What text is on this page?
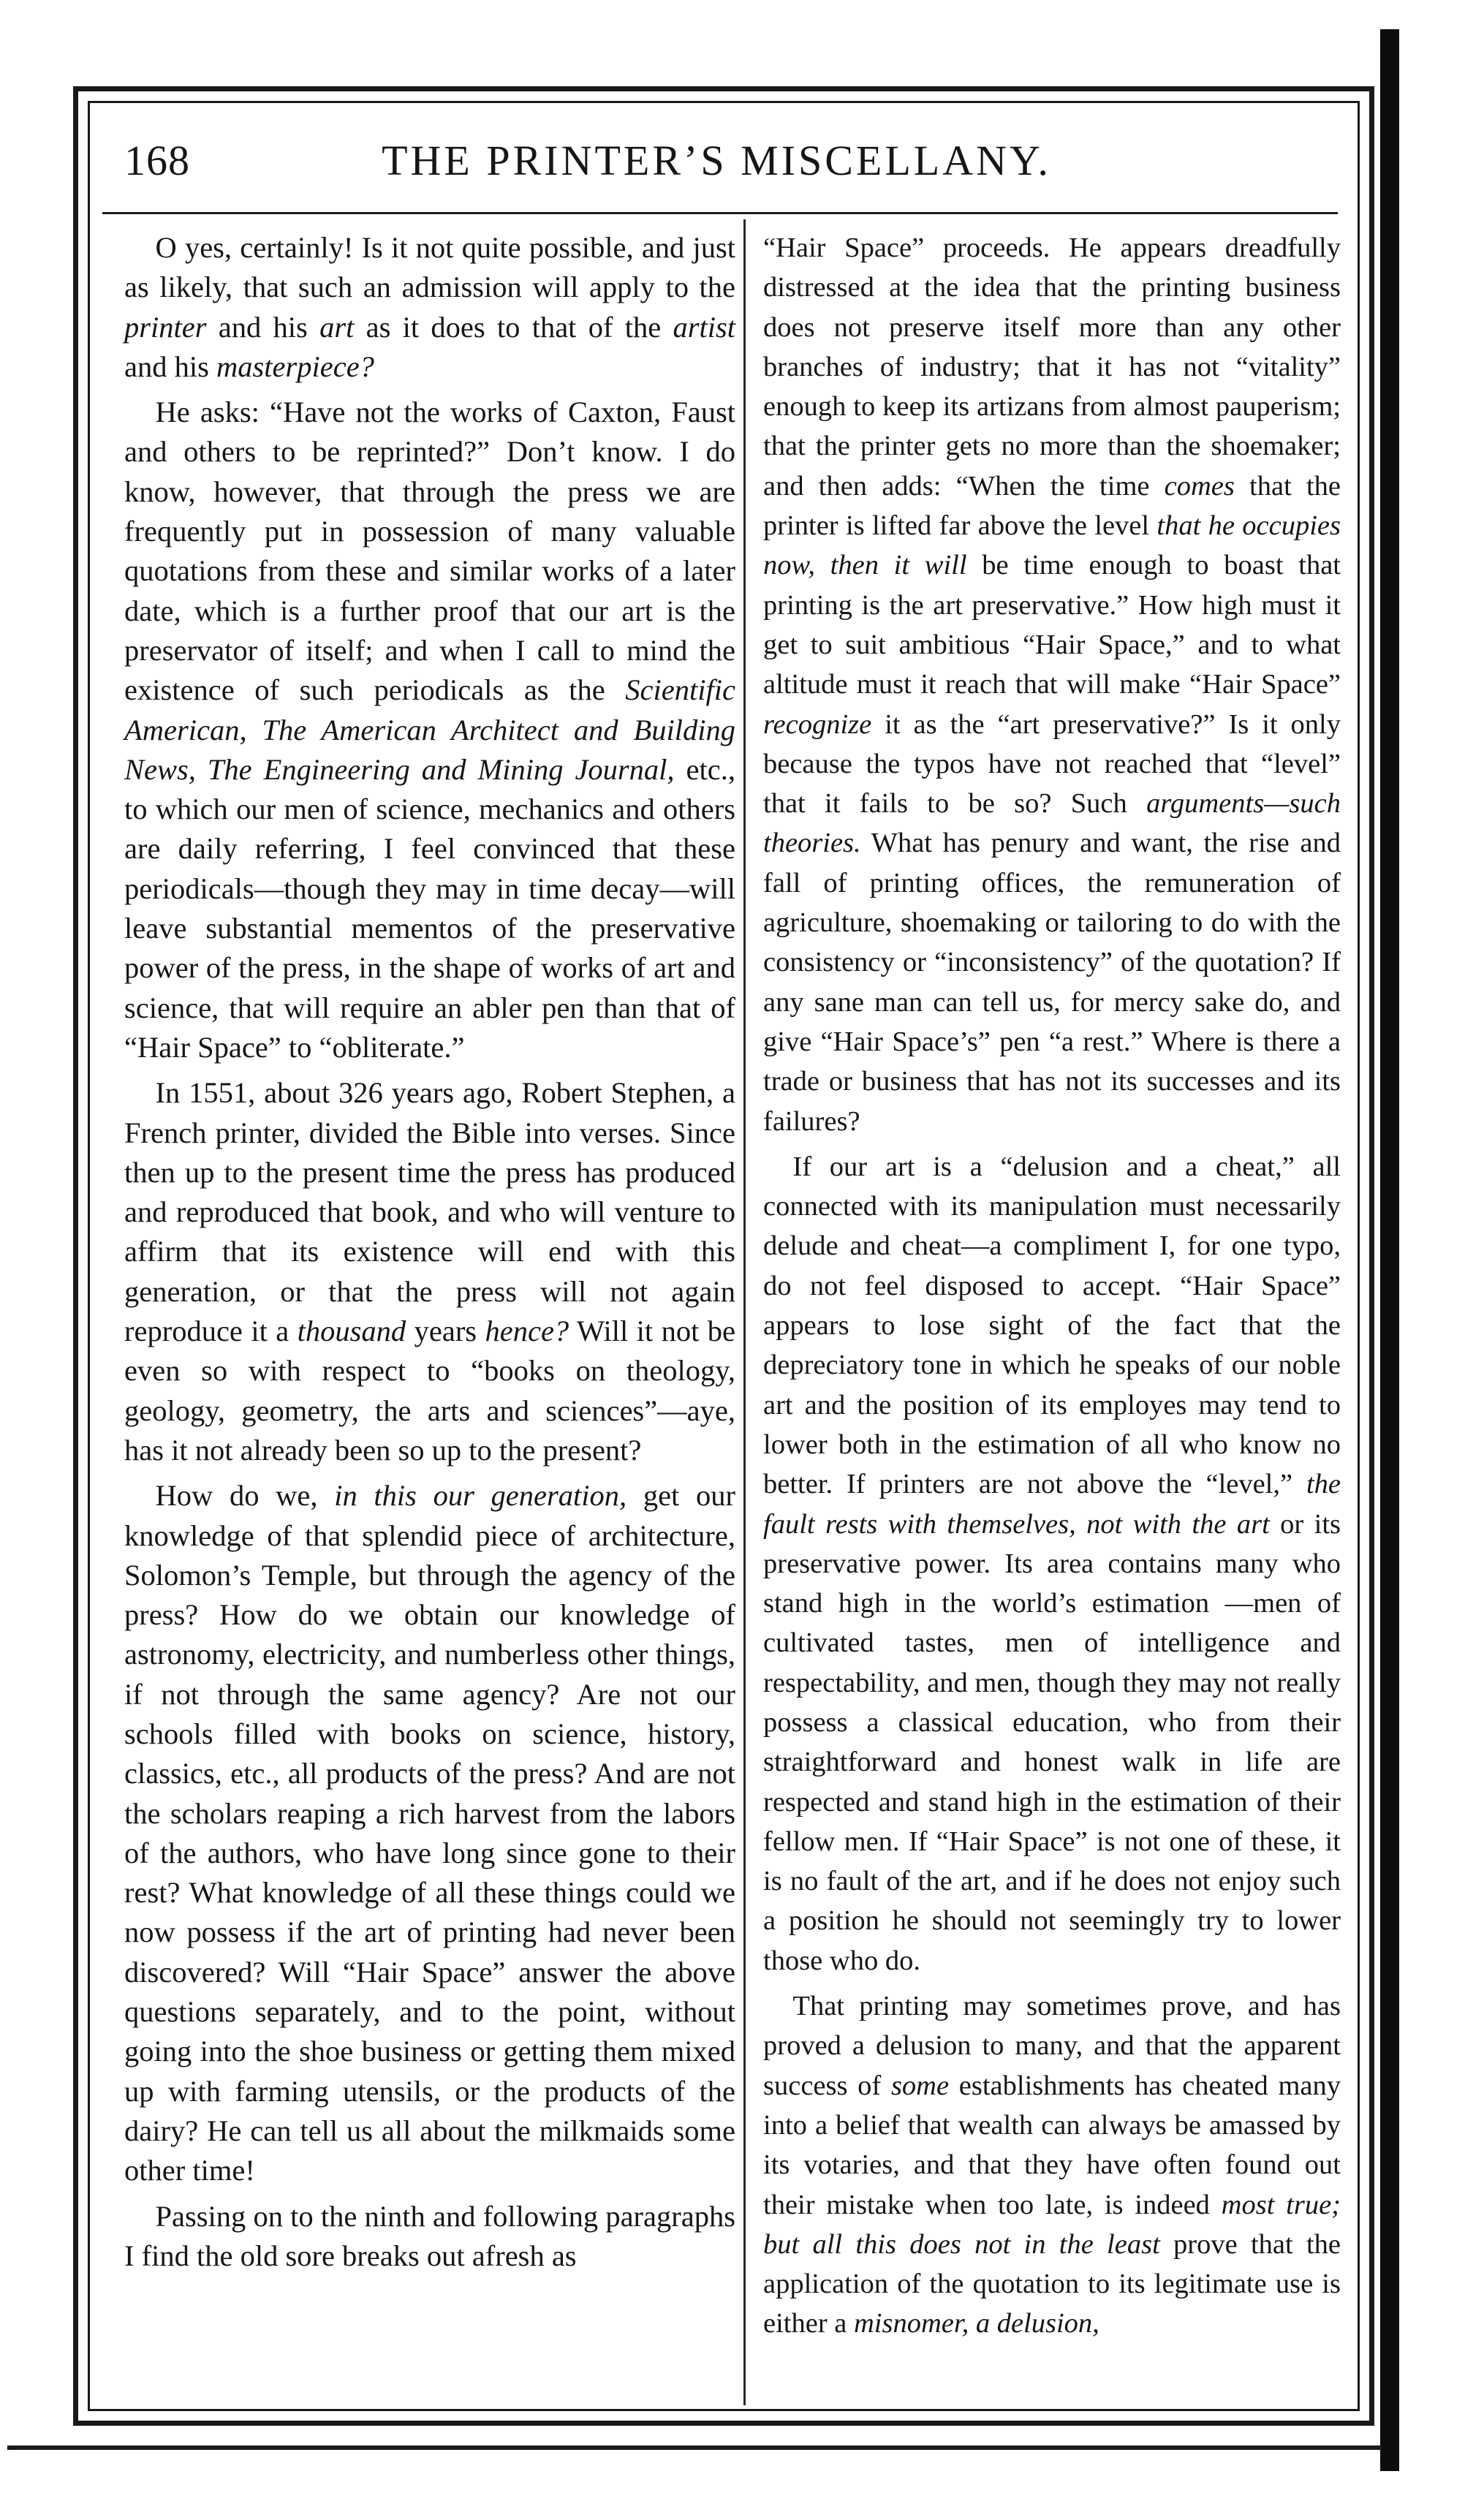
168	THE PRINTER’S MISCELLANY.

O yes, certainly! Is it not quite possible, and just as likely, that such an admission will apply to the printer and his art as it does to that of the artist and his masterpiece?

He asks: “Have not the works of Caxton, Faust and others to be reprinted?” Don’t know. I do know, however, that through the press we are frequently put in possession of many valuable quotations from these and similar works of a later date, which is a further proof that our art is the preservator of itself; and when I call to mind the existence of such periodicals as the Scientific American, The American Architect and Building News, The Engineering and Mining Journal, etc., to which our men of science, mechanics and others are daily referring, I feel convinced that these periodicals—though they may in time decay—will leave substantial mementos of the preservative power of the press, in the shape of works of art and science, that will require an abler pen than that of “Hair Space” to “obliterate.”

In 1551, about 326 years ago, Robert Stephen, a French printer, divided the Bible into verses. Since then up to the present time the press has produced and reproduced that book, and who will venture to affirm that its existence will end with this generation, or that the press will not again reproduce it a thousand years hence? Will it not be even so with respect to “books on theology, geology, geometry, the arts and sciences”—aye, has it not already been so up to the present?

How do we, in this our generation, get our knowledge of that splendid piece of architecture, Solomon’s Temple, but through the agency of the press? How do we obtain our knowledge of astronomy, electricity, and numberless other things, if not through the same agency? Are not our schools filled with books on science, history, classics, etc., all products of the press? And are not the scholars reaping a rich harvest from the labors of the authors, who have long since gone to their rest? What knowledge of all these things could we now possess if the art of printing had never been discovered? Will “Hair Space” answer the above questions separately, and to the point, without going into the shoe business or getting them mixed up with farming utensils, or the products of the dairy? He can tell us all about the milkmaids some other time!

Passing on to the ninth and following paragraphs I find the old sore breaks out afresh as

“Hair Space” proceeds. He appears dreadfully distressed at the idea that the printing business does not preserve itself more than any other branches of industry; that it has not “vitality” enough to keep its artizans from almost pauperism; that the printer gets no more than the shoemaker; and then adds: “When the time comes that the printer is lifted far above the level that he occupies now, then it will be time enough to boast that printing is the art preservative.” How high must it get to suit ambitious “Hair Space,” and to what altitude must it reach that will make “Hair Space” recognize it as the “art preservative?” Is it only because the typos have not reached that “level” that it fails to be so? Such arguments—such theories. What has penury and want, the rise and fall of printing offices, the remuneration of agriculture, shoemaking or tailoring to do with the consistency or “inconsistency” of the quotation? If any sane man can tell us, for mercy sake do, and give “Hair Space’s” pen “a rest.” Where is there a trade or business that has not its successes and its failures?

If our art is a “delusion and a cheat,” all connected with its manipulation must necessarily delude and cheat—a compliment I, for one typo, do not feel disposed to accept. “Hair Space” appears to lose sight of the fact that the depreciatory tone in which he speaks of our noble art and the position of its employes may tend to lower both in the estimation of all who know no better. If printers are not above the “level,” the fault rests with themselves, not with the art or its preservative power. Its area contains many who stand high in the world’s estimation —men of cultivated tastes, men of intelligence and respectability, and men, though they may not really possess a classical education, who from their straightforward and honest walk in life are respected and stand high in the estimation of their fellow men. If “Hair Space” is not one of these, it is no fault of the art, and if he does not enjoy such a position he should not seemingly try to lower those who do.

That printing may sometimes prove, and has proved a delusion to many, and that the apparent success of some establishments has cheated many into a belief that wealth can always be amassed by its votaries, and that they have often found out their mistake when too late, is indeed most true; but all this does not in the least prove that the application of the quotation to its legitimate use is either a misnomer, a delusion,
